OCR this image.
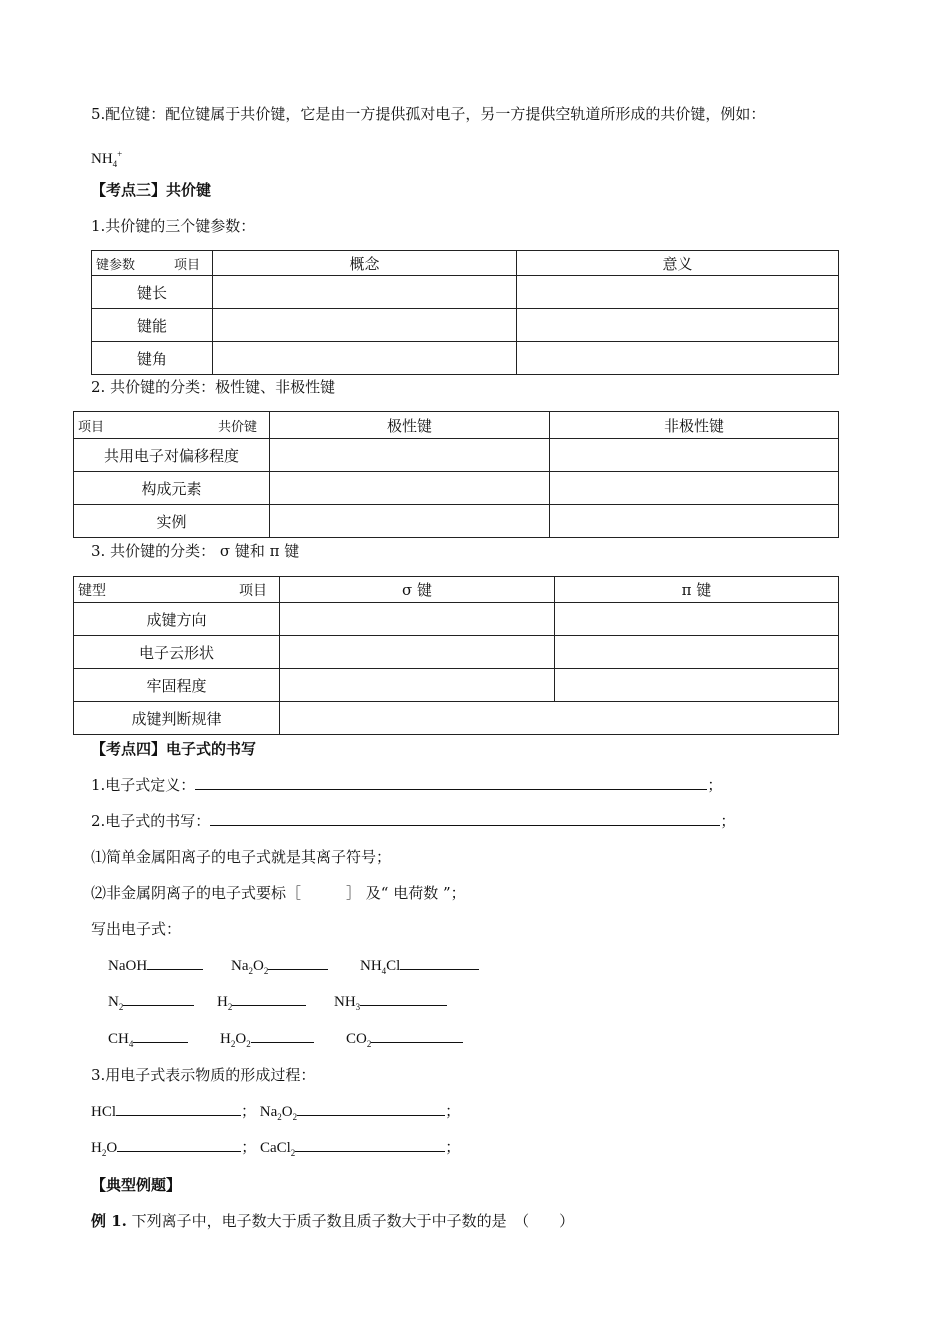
5.配位键：配位键属于共价键，它是由一方提供孤对电子，另一方提供空轨道所形成的共价键，例如：
$NH_4^+$
【考点三】共价键
1.共价键的三个键参数：
键参数 项目	概念	意义
键长		
键能		
键角		
2. 共价键的分类：极性键、非极性键
项目 共价键	极性键	非极性键
共用电子对偏移程度		
构成元素		
实例		
3. 共价键的分类： σ 键和 π 键
键型 项目	σ 键	π 键
成键方向		
电子云形状		
牢固程度		
成键判断规律		
【考点四】电子式的书写
1.电子式定义：	；
2.电子式的书写：	；
⑴简单金属阳离子的电子式就是其离子符号；
⑵非金属阴离子的电子式要标［　　　］ 及“ 电荷数 ”；
写出电子式：
NaOH	$Na_2O_2$	$NH_4Cl$
$N_2$	$H_2$	$NH_3$
$CH_4$	$H_2O_2$	$CO_2$
3.用电子式表示物质的形成过程：
HCl	； $Na_2O_2$	；
$H_2O$	； CaCl$_2$	；
【典型例题】
例 1. 下列离子中，电子数大于质子数且质子数大于中子数的是　（　　）
